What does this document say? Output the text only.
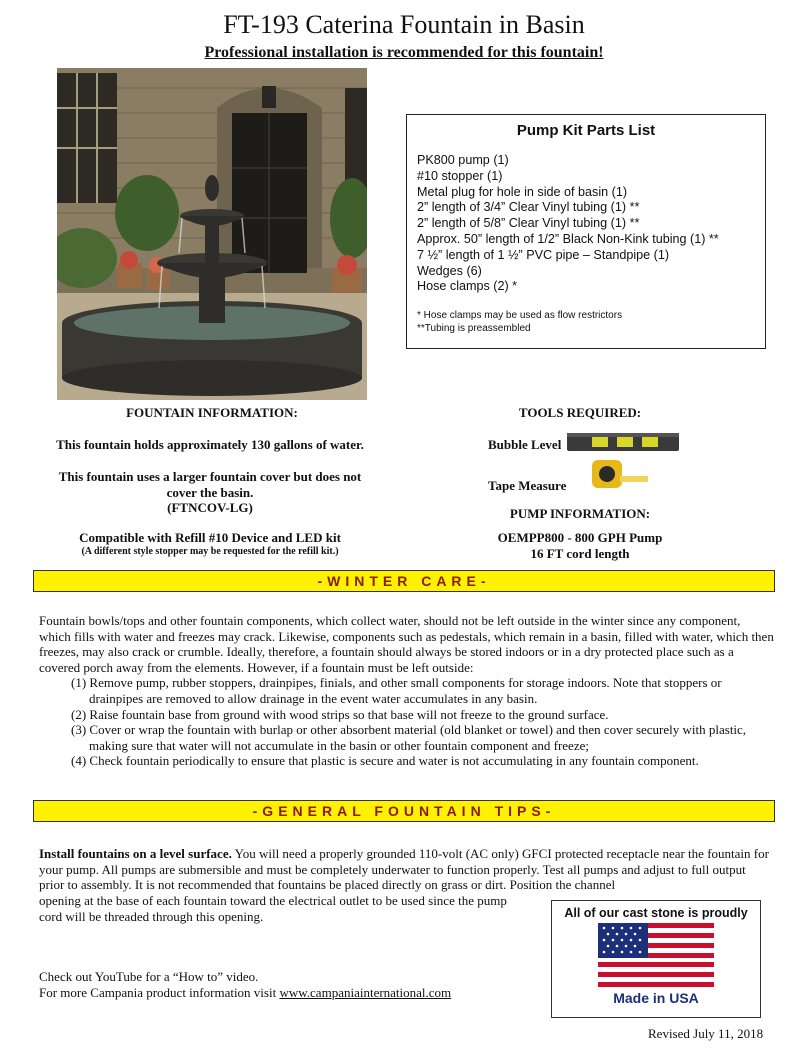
FT-193 Caterina Fountain in Basin
Professional installation is recommended for this fountain!
Pump Kit Parts List
PK800 pump (1)
#10 stopper (1)
Metal plug for hole in side of basin (1)
2” length of 3/4” Clear Vinyl tubing (1) **
2” length of 5/8” Clear Vinyl tubing (1) **
Approx. 50” length of 1/2” Black Non-Kink tubing (1) **
7 ½” length of 1 ½” PVC pipe – Standpipe (1)
Wedges (6)
Hose clamps (2) *
* Hose clamps may be used as flow restrictors
**Tubing is preassembled
FOUNTAIN INFORMATION:
This fountain holds approximately 130 gallons of water.
This fountain uses a larger fountain cover but does not
cover the basin.
(FTNCOV-LG)
Compatible with Refill #10 Device and LED kit
(A different style stopper may be requested for the refill kit.)
TOOLS REQUIRED:
Bubble Level
Tape Measure
PUMP INFORMATION:
OEMPP800 - 800 GPH Pump
16 FT cord length
-WINTER CARE-
Fountain bowls/tops and other fountain components, which collect water, should not be left outside in the winter since any component, which fills with water and freezes may crack. Likewise, components such as pedestals, which remain in a basin, filled with water, which then freezes, may also crack or crumble. Ideally, therefore, a fountain should always be stored indoors or in a dry protected place such as a covered porch away from the elements. However, if a fountain must be left outside:
(1) Remove pump, rubber stoppers, drainpipes, finials, and other small components for storage indoors. Note that stoppers or drainpipes are removed to allow drainage in the event water accumulates in any basin.
(2) Raise fountain base from ground with wood strips so that base will not freeze to the ground surface.
(3) Cover or wrap the fountain with burlap or other absorbent material (old blanket or towel) and then cover securely with plastic, making sure that water will not accumulate in the basin or other fountain component and freeze;
(4) Check fountain periodically to ensure that plastic is secure and water is not accumulating in any fountain component.
-GENERAL FOUNTAIN TIPS-
Install fountains on a level surface. You will need a properly grounded 110-volt (AC only) GFCI protected receptacle near the fountain for your pump. All pumps are submersible and must be completely underwater to function properly. Test all pumps and adjust to full output prior to assembly. It is not recommended that fountains be placed directly on grass or dirt. Position the channel
opening at the base of each fountain toward the electrical outlet to be used since the pump
cord will be threaded through this opening.
Check out YouTube for a “How to” video.
For more Campania product information visit www.campaniainternational.com
All of our cast stone is proudly
Made in USA
Revised July 11, 2018
